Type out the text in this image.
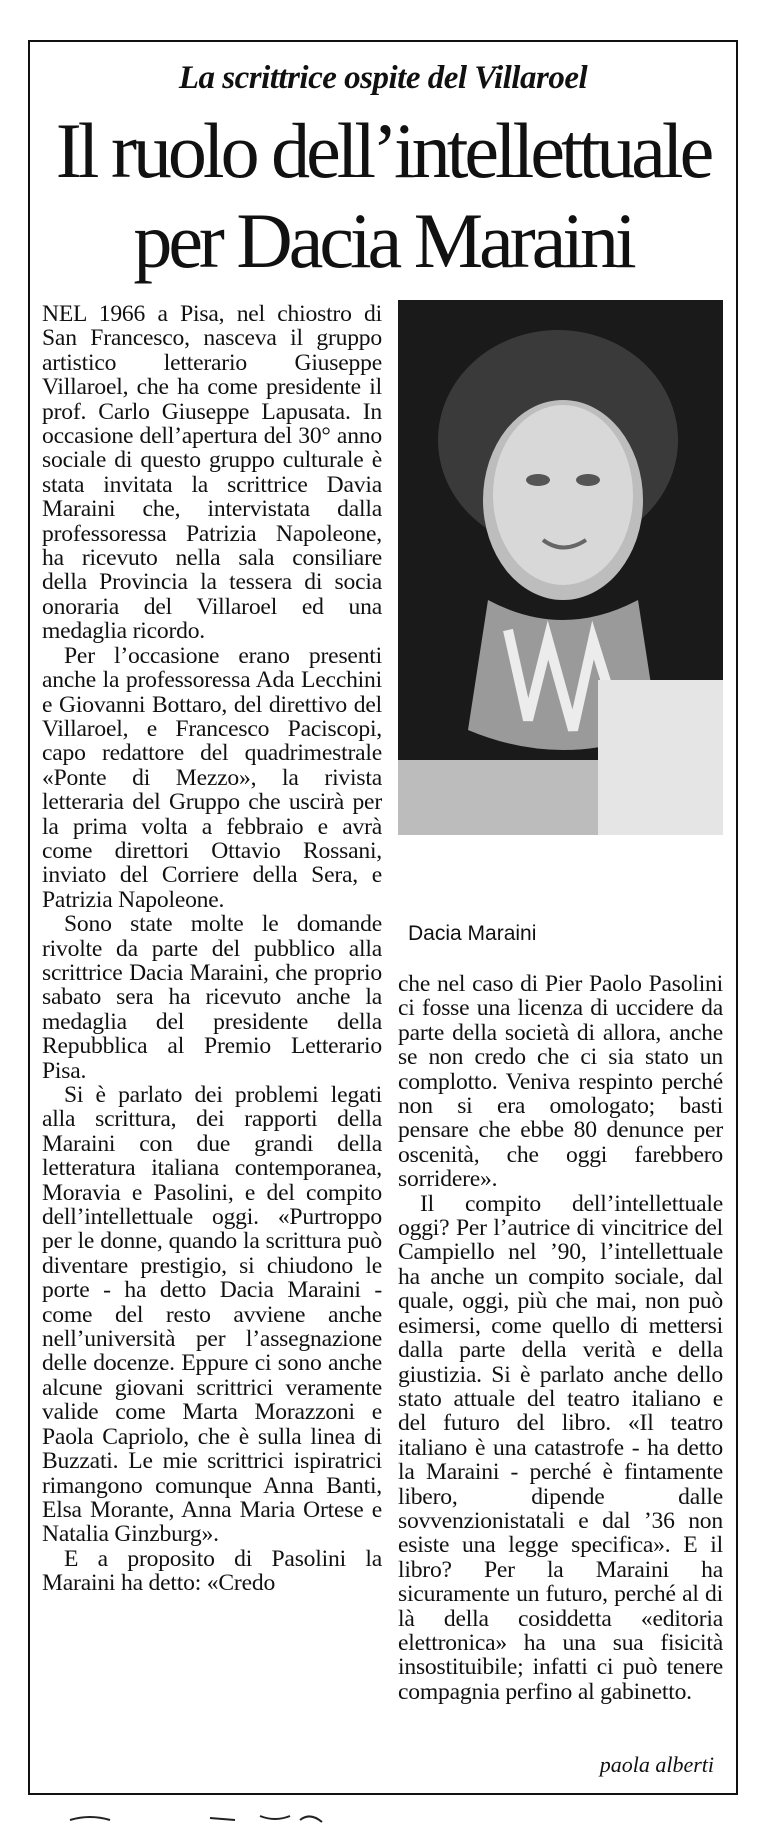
La scrittrice ospite del Villaroel
Il ruolo dell’intellettuale
per Dacia Maraini

NEL 1966 a Pisa, nel chiostro di San Francesco, nasceva il gruppo artistico letterario Giuseppe Villaroel, che ha come presidente il prof. Carlo Giuseppe Lapusata. In occasione dell’apertura del 30° anno sociale di questo gruppo culturale è stata invitata la scrittrice Davia Maraini che, intervistata dalla professoressa Patrizia Napoleone, ha ricevuto nella sala consiliare della Provincia la tessera di socia onoraria del Villaroel ed una medaglia ricordo.

Per l’occasione erano presenti anche la professoressa Ada Lecchini e Giovanni Bottaro, del direttivo del Villaroel, e Francesco Paciscopi, capo redattore del quadrimestrale «Ponte di Mezzo», la rivista letteraria del Gruppo che uscirà per la prima volta a febbraio e avrà come direttori Ottavio Rossani, inviato del Corriere della Sera, e Patrizia Napoleone.

Sono state molte le domande rivolte da parte del pubblico alla scrittrice Dacia Maraini, che proprio sabato sera ha ricevuto anche la medaglia del presidente della Repubblica al Premio Letterario Pisa.

Si è parlato dei problemi legati alla scrittura, dei rapporti della Maraini con due grandi della letteratura italiana contemporanea, Moravia e Pasolini, e del compito dell’intellettuale oggi. «Purtroppo per le donne, quando la scrittura può diventare prestigio, si chiudono le porte - ha detto Dacia Maraini - come del resto avviene anche nell’università per l’assegnazione delle docenze. Eppure ci sono anche alcune giovani scrittrici veramente valide come Marta Morazzoni e Paola Capriolo, che è sulla linea di Buzzati. Le mie scrittrici ispiratrici rimangono comunque Anna Banti, Elsa Morante, Anna Maria Ortese e Natalia Ginzburg».

E a proposito di Pasolini la Maraini ha detto: «Credo

Dacia Maraini

che nel caso di Pier Paolo Pasolini ci fosse una licenza di uccidere da parte della società di allora, anche se non credo che ci sia stato un complotto. Veniva respinto perché non si era omologato; basti pensare che ebbe 80 denunce per oscenità, che oggi farebbero sorridere».

Il compito dell’intellettuale oggi? Per l’autrice di vincitrice del Campiello nel ’90, l’intellettuale ha anche un compito sociale, dal quale, oggi, più che mai, non può esimersi, come quello di mettersi dalla parte della verità e della giustizia. Si è parlato anche dello stato attuale del teatro italiano e del futuro del libro. «Il teatro italiano è una catastrofe - ha detto la Maraini - perché è fintamente libero, dipende dalle sovvenzionistatali e dal ’36 non esiste una legge specifica». E il libro? Per la Maraini ha sicuramente un futuro, perché al di là della cosiddetta «editoria elettronica» ha una sua fisicità insostituibile; infatti ci può tenere compagnia perfino al gabinetto.

paola alberti
